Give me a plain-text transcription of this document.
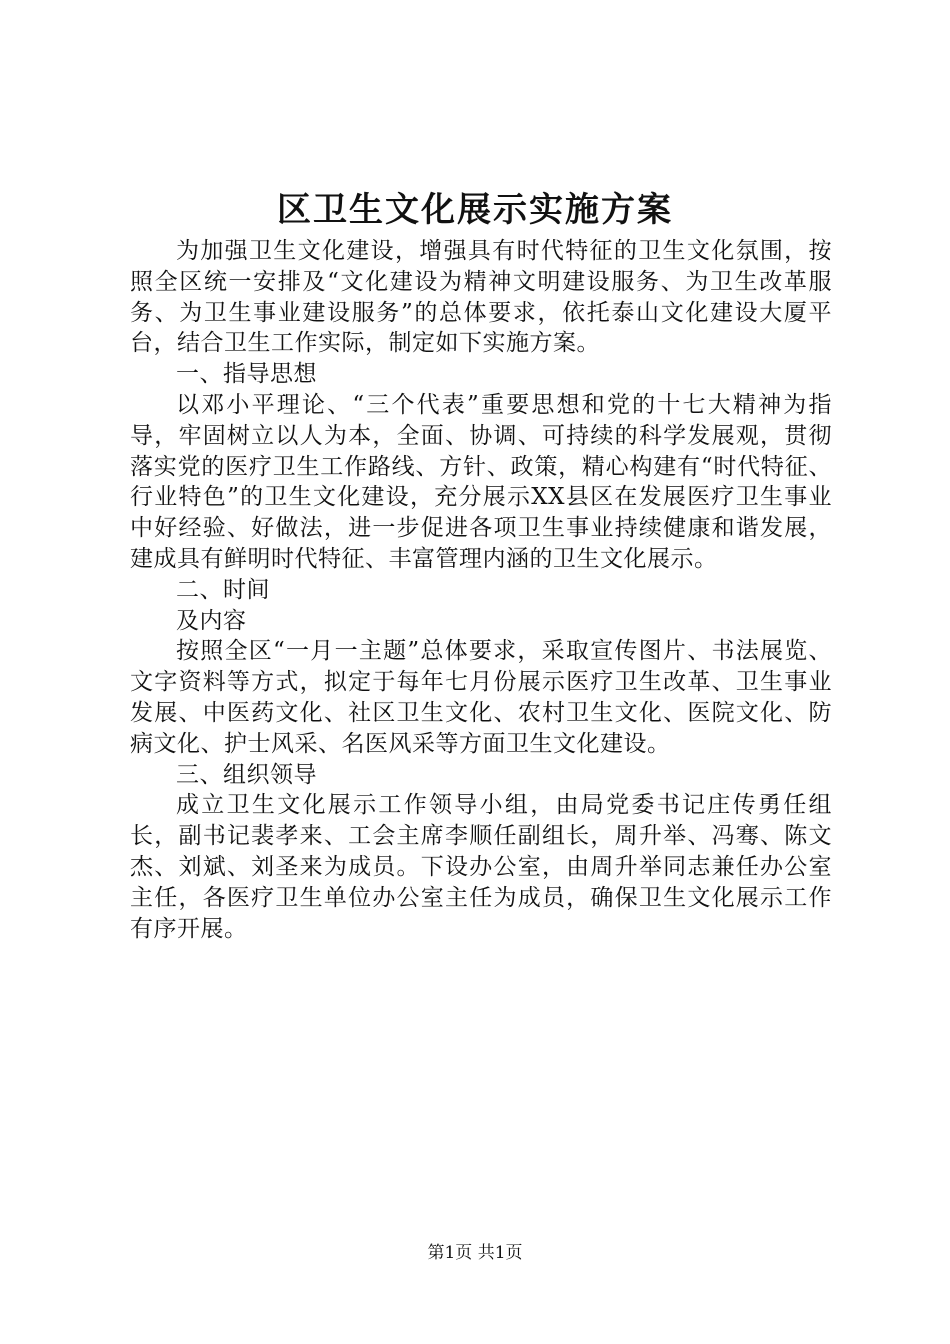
区卫生文化展示实施方案

为加强卫生文化建设，增强具有时代特征的卫生文化氛围，按照全区统一安排及“文化建设为精神文明建设服务、为卫生改革服务、为卫生事业建设服务”的总体要求，依托泰山文化建设大厦平台，结合卫生工作实际，制定如下实施方案。

一、指导思想

以邓小平理论、“三个代表”重要思想和党的十七大精神为指导，牢固树立以人为本，全面、协调、可持续的科学发展观，贯彻落实党的医疗卫生工作路线、方针、政策，精心构建有“时代特征、行业特色”的卫生文化建设，充分展示XX县区在发展医疗卫生事业中好经验、好做法，进一步促进各项卫生事业持续健康和谐发展，建成具有鲜明时代特征、丰富管理内涵的卫生文化展示。

二、时间

及内容

按照全区“一月一主题”总体要求，采取宣传图片、书法展览、文字资料等方式，拟定于每年七月份展示医疗卫生改革、卫生事业发展、中医药文化、社区卫生文化、农村卫生文化、医院文化、防病文化、护士风采、名医风采等方面卫生文化建设。

三、组织领导

成立卫生文化展示工作领导小组，由局党委书记庄传勇任组长，副书记裴孝来、工会主席李顺任副组长，周升举、冯骞、陈文杰、刘斌、刘圣来为成员。下设办公室，由周升举同志兼任办公室主任，各医疗卫生单位办公室主任为成员，确保卫生文化展示工作有序开展。

第1页 共1页
